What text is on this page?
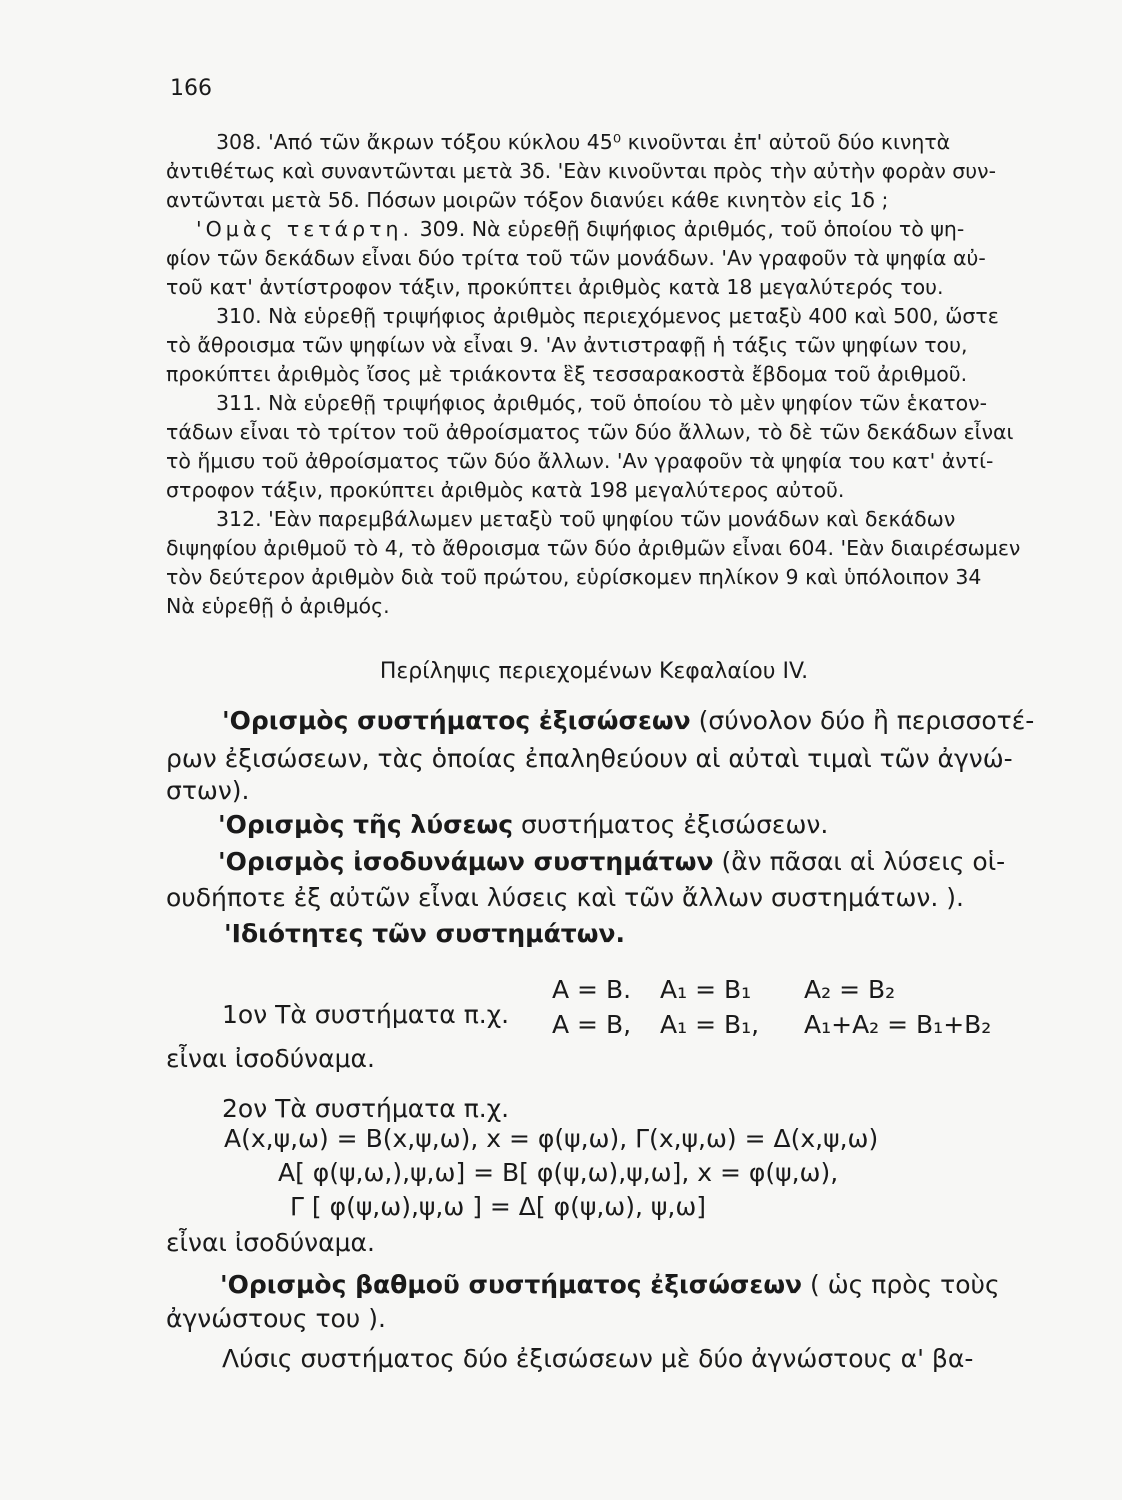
166
308. 'Από τῶν ἄκρων τόξου κύκλου 45⁰ κινοῦνται ἐπ' αὐτοῦ δύο κινητὰ
ἀντιθέτως καὶ συναντῶνται μετὰ 3δ. 'Εὰν κινοῦνται πρὸς τὴν αὐτὴν φορὰν συν-
αντῶνται μετὰ 5δ. Πόσων μοιρῶν τόξον διανύει κάθε κινητὸν εἰς 1δ ;
'Ομὰς τετάρτη. 309. Νὰ εὑρεθῇ διψήφιος ἀριθμός, τοῦ ὁποίου τὸ ψη-
φίον τῶν δεκάδων εἶναι δύο τρίτα τοῦ τῶν μονάδων. 'Αν γραφοῦν τὰ ψηφία αὐ-
τοῦ κατ' ἀντίστροφον τάξιν, προκύπτει ἀριθμὸς κατὰ 18 μεγαλύτερός του.
310. Νὰ εὑρεθῇ τριψήφιος ἀριθμὸς περιεχόμενος μεταξὺ 400 καὶ 500, ὥστε
τὸ ἄθροισμα τῶν ψηφίων νὰ εἶναι 9. 'Αν ἀντιστραφῇ ἡ τάξις τῶν ψηφίων του,
προκύπτει ἀριθμὸς ἴσος μὲ τριάκοντα ἓξ τεσσαρακοστὰ ἔβδομα τοῦ ἀριθμοῦ.
311. Νὰ εὑρεθῇ τριψήφιος ἀριθμός, τοῦ ὁποίου τὸ μὲν ψηφίον τῶν ἑκατον-
τάδων εἶναι τὸ τρίτον τοῦ ἀθροίσματος τῶν δύο ἄλλων, τὸ δὲ τῶν δεκάδων εἶναι
τὸ ἥμισυ τοῦ ἀθροίσματος τῶν δύο ἄλλων. 'Αν γραφοῦν τὰ ψηφία του κατ' ἀντί-
στροφον τάξιν, προκύπτει ἀριθμὸς κατὰ 198 μεγαλύτερος αὐτοῦ.
312. 'Εὰν παρεμβάλωμεν μεταξὺ τοῦ ψηφίου τῶν μονάδων καὶ δεκάδων
διψηφίου ἀριθμοῦ τὸ 4, τὸ ἄθροισμα τῶν δύο ἀριθμῶν εἶναι 604. 'Εὰν διαιρέσωμεν
τὸν δεύτερον ἀριθμὸν διὰ τοῦ πρώτου, εὑρίσκομεν πηλίκον 9 καὶ ὑπόλοιπον 34
Νὰ εὑρεθῇ ὁ ἀριθμός.
Περίληψις περιεχομένων Κεφαλαίου IV.
'Ορισμὸς συστήματος ἐξισώσεων (σύνολον δύο ἢ περισσοτέ-
ρων ἐξισώσεων, τὰς ὁποίας ἐπαληθεύουν αἱ αὐταὶ τιμαὶ τῶν ἀγνώ-
στων).
'Ορισμὸς τῆς λύσεως συστήματος ἐξισώσεων.
'Ορισμὸς ἰσοδυνάμων συστημάτων (ἂν πᾶσαι αἱ λύσεις οἱ-
ουδήποτε ἐξ αὐτῶν εἶναι λύσεις καὶ τῶν ἄλλων συστημάτων. ).
'Ιδιότητες τῶν συστημάτων.
1ον Τὰ συστήματα π.χ.
A = B. A₁ = B₁ A₂ = B₂
A = B, A₁ = B₁, A₁+A₂ = B₁+B₂
εἶναι ἰσοδύναμα.
2ον Τὰ συστήματα π.χ.
A(x,ψ,ω) = B(x,ψ,ω), x = φ(ψ,ω), Γ(x,ψ,ω) = Δ(x,ψ,ω)
A[ φ(ψ,ω,),ψ,ω] = B[ φ(ψ,ω),ψ,ω], x = φ(ψ,ω),
Γ [ φ(ψ,ω),ψ,ω ] = Δ[ φ(ψ,ω), ψ,ω]
εἶναι ἰσοδύναμα.
'Ορισμὸς βαθμοῦ συστήματος ἐξισώσεων ( ὡς πρὸς τοὺς
ἀγνώστους του ).
Λύσις συστήματος δύο ἐξισώσεων μὲ δύο ἀγνώστους α' βα-
